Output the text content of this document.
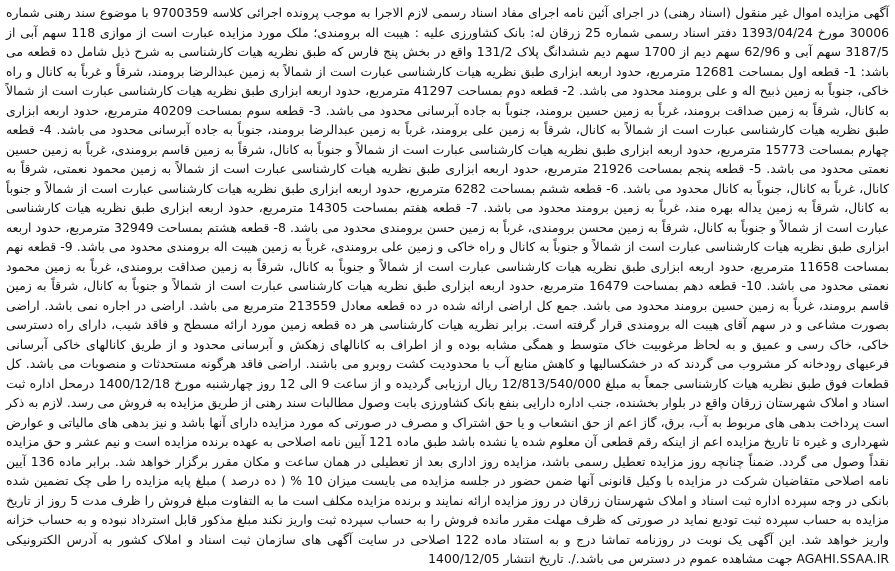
آگهی مزایده اموال غیر منقول (اسناد رهنی) در اجرای آئین نامه اجرای مفاد اسناد رسمی لازم الاجرا به موجب پرونده اجرائی کلاسه 9700359 با موضوع سند رهنی شماره 30006 مورخ 1393/04/24 دفتر اسناد رسمی شماره 25 زرقان له: بانک کشاورزی علیه : هیبت اله برومندی؛ ملک مورد مزایده عبارت است از موازی 118 سهم آبی از 3187/5 سهم آبی و 62/96 سهم دیم از 1700 سهم دیم ششدانگ پلاک 131/2 واقع در بخش پنج فارس که طبق نظریه هیات کارشناسی به شرح ذیل شامل ده قطعه می باشد: 1- قطعه اول بمساحت 12681 مترمربع، حدود اربعه ابزاری طبق نظریه هیات کارشناسی عبارت است از شمالاً به زمین عبدالرضا برومند، شرقاً و غرباً به کانال و راه خاکی، جنوباً به زمین ذبیح اله و علی برومند محدود می باشد. 2- قطعه دوم بمساحت 41297 مترمربع، حدود اربعه ابزاری طبق نظریه هیات کارشناسی عبارت است از شمالاً به کانال، شرقاً به زمین صداقت برومند، غرباً به زمین حسین برومند، جنوباً به جاده آبرسانی محدود می باشد. 3- قطعه سوم بمساحت 40209 مترمربع، حدود اربعه ابزاری طبق نظریه هیات کارشناسی عبارت است از شمالاً به کانال، شرقاً به زمین علی برومند، غرباً به زمین عبدالرضا برومند، جنوباً به جاده آبرسانی محدود می باشد. 4- قطعه چهارم بمساحت 15773 مترمربع، حدود اربعه ابزاری طبق نظریه هیات کارشناسی عبارت است از شمالاً و جنوباً به کانال، شرقاً به زمین قاسم برومندی، غرباً به زمین حسین نعمتی محدود می باشد. 5- قطعه پنجم بمساحت 21926 مترمربع، حدود اربعه ابزاری طبق نظریه هیات کارشناسی عبارت است از شمالاً به زمین محمود نعمتی، شرقاً به کانال، غرباً به کانال، جنوباً به کانال محدود می باشد. 6- قطعه ششم بمساحت 6282 مترمربع، حدود اربعه ابزاری طبق نظریه هیات کارشناسی عبارت است از شمالاً و جنوباً به کانال، شرقاً به زمین یداله بهره مند، غرباً به زمین برومند محدود می باشد. 7- قطعه هفتم بمساحت 14305 مترمربع، حدود اربعه ابزاری طبق نظریه هیات کارشناسی عبارت است از شمالاً و جنوباً به کانال، شرقاً به زمین محسن برومندی، غرباً به زمین حسن برومندی محدود می باشد. 8- قطعه هشتم بمساحت 32949 مترمربع، حدود اربعه ابزاری طبق نظریه هیات کارشناسی عبارت است از شمالاً و جنوباً به کانال و راه خاکی و زمین علی برومندی، غرباً به زمین هیبت اله برومندی محدود می باشد. 9- قطعه نهم بمساحت 11658 مترمربع، حدود اربعه ابزاری طبق نظریه هیات کارشناسی عبارت است از شمالاً و جنوباً به کانال، شرقاً به زمین صداقت برومندی، غرباً به زمین محمود نعمتی محدود می باشد. 10- قطعه دهم بمساحت 16479 مترمربع، حدود اربعه ابزاری طبق نظریه هیات کارشناسی عبارت است از شمالاً و جنوباً به کانال، شرقاً به زمین قاسم برومند، غرباً به زمین حسین برومند محدود می باشد. جمع کل اراضی ارائه شده در ده قطعه معادل 213559 مترمربع می باشد. اراضی در اجاره نمی باشد. اراضی بصورت مشاعی و در سهم آقای هیبت اله برومندی قرار گرفته است. برابر نظریه هیات کارشناسی هر ده قطعه زمین مورد ارائه مسطح و فاقد شیب، دارای راه دسترسی خاکی، خاک رسی و عمیق و به لحاظ مرغوبیت خاک متوسط و همگی مشابه بوده و از اطراف به کانالهای زهکش و آبرسانی محدود و از طریق کانالهای خاکی آبرسانی فرعیهای رودخانه کر مشروب می گردند که در خشکسالیها و کاهش منابع آب با محدودیت کشت روبرو می باشند. اراضی فاقد هرگونه مستحدثات و منصوبات می باشد. کل قطعات فوق طبق نظریه هیات کارشناسی جمعاً به مبلغ 12/813/540/000 ریال ارزیابی گردیده و از ساعت 9 الی 12 روز چهارشنبه مورخ 1400/12/18 درمحل اداره ثبت اسناد و املاک شهرستان زرقان واقع در بلوار بخشنده، جنب اداره دارایی بنفع بانک کشاورزی بابت وصول مطالبات سند رهنی از طریق مزایده به فروش می رسد. لازم به ذکر است پرداخت بدهی های مربوط به آب، برق، گاز اعم از حق انشعاب و یا حق اشتراک و مصرف در صورتی که مورد مزایده دارای آنها باشد و نیز بدهی های مالیاتی و عوارض شهرداری و غیره تا تاریخ مزایده اعم از اینکه رقم قطعی آن معلوم شده یا نشده باشد طبق ماده 121 آیین نامه اصلاحی به عهده برنده مزایده است و نیم عشر و حق مزایده نقداً وصول می گردد. ضمناً چنانچه روز مزایده تعطیل رسمی باشد، مزایده روز اداری بعد از تعطیلی در همان ساعت و مکان مقرر برگزار خواهد شد. برابر ماده 136 آیین نامه اصلاحی متقاضیان شرکت در مزایده با وکیل قانونی آنها ضمن حضور در جلسه مزایده می بایست میزان 10 % ( ده درصد ) مبلغ پایه مزایده را طی چک تضمین شده بانکی در وجه سپرده اداره ثبت اسناد و املاک شهرستان زرقان در روز مزایده ارائه نمایند و برنده مزایده مکلف است ما به التفاوت مبلغ فروش را ظرف مدت 5 روز از تاریخ مزایده به حساب سپرده ثبت تودیع نماید در صورتی که ظرف مهلت مقرر مانده فروش را به حساب سپرده ثبت واریز نکند مبلغ مذکور قابل استرداد نبوده و به حساب خزانه واریز خواهد شد. این آگهی یک نوبت در روزنامه تماشا درج و به استناد ماده 122 اصلاحی در سایت آگهی های سازمان ثبت اسناد و املاک کشور به آدرس الکترونیکی AGAHI.SSAA.IR جهت مشاهده عموم در دسترس می باشد./. تاریخ انتشار 1400/12/05
